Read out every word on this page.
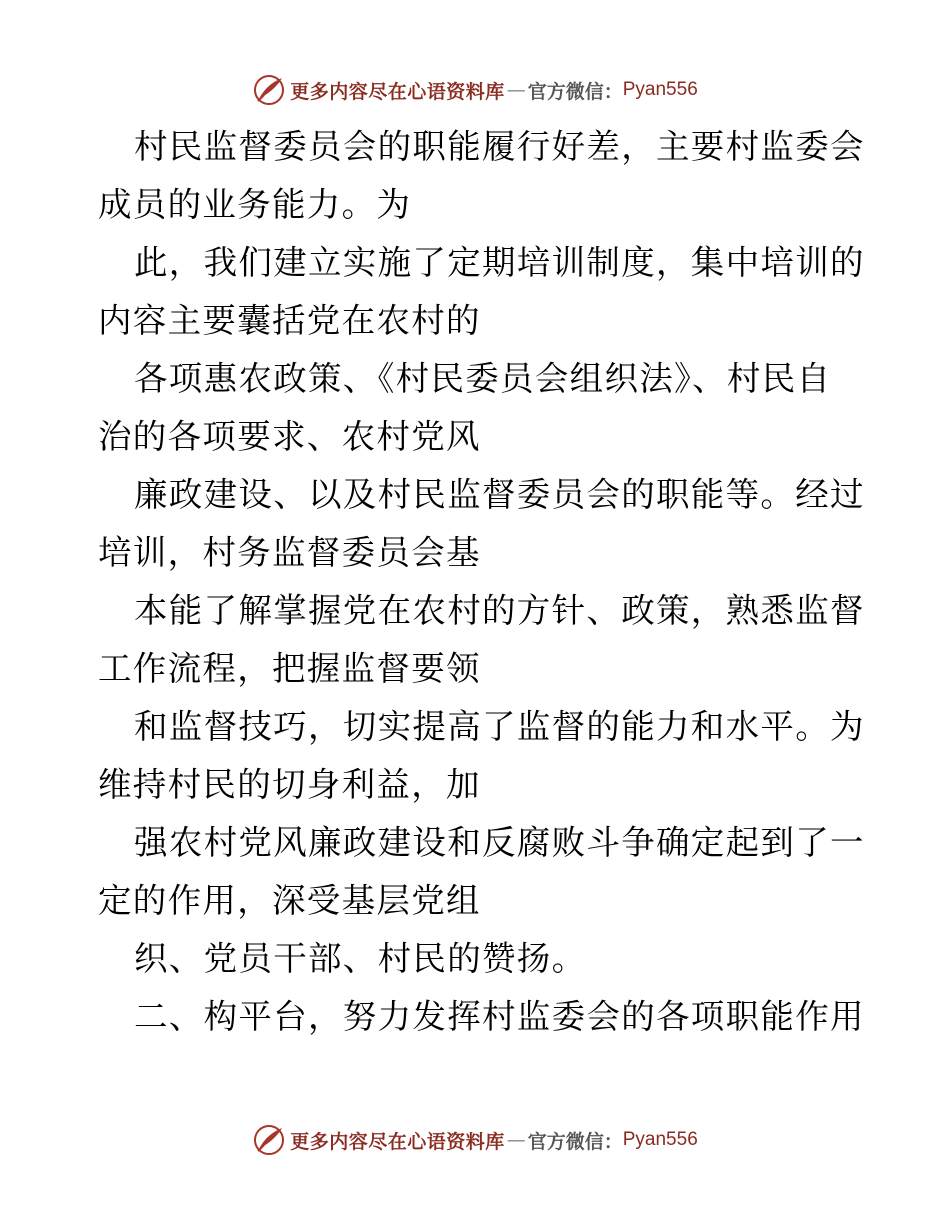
更多内容尽在心语资料库 — 官方微信： Pyan556
村民监督委员会的职能履行好差，主要村监委会
成员的业务能力。为
此，我们建立实施了定期培训制度，集中培训的
内容主要囊括党在农村的
各项惠农政策、《村民委员会组织法》、村民自
治的各项要求、农村党风
廉政建设、以及村民监督委员会的职能等。经过
培训，村务监督委员会基
本能了解掌握党在农村的方针、政策，熟悉监督
工作流程，把握监督要领
和监督技巧，切实提高了监督的能力和水平。为
维持村民的切身利益，加
强农村党风廉政建设和反腐败斗争确定起到了一
定的作用，深受基层党组
织、党员干部、村民的赞扬。
二、构平台，努力发挥村监委会的各项职能作用
更多内容尽在心语资料库 — 官方微信： Pyan556
